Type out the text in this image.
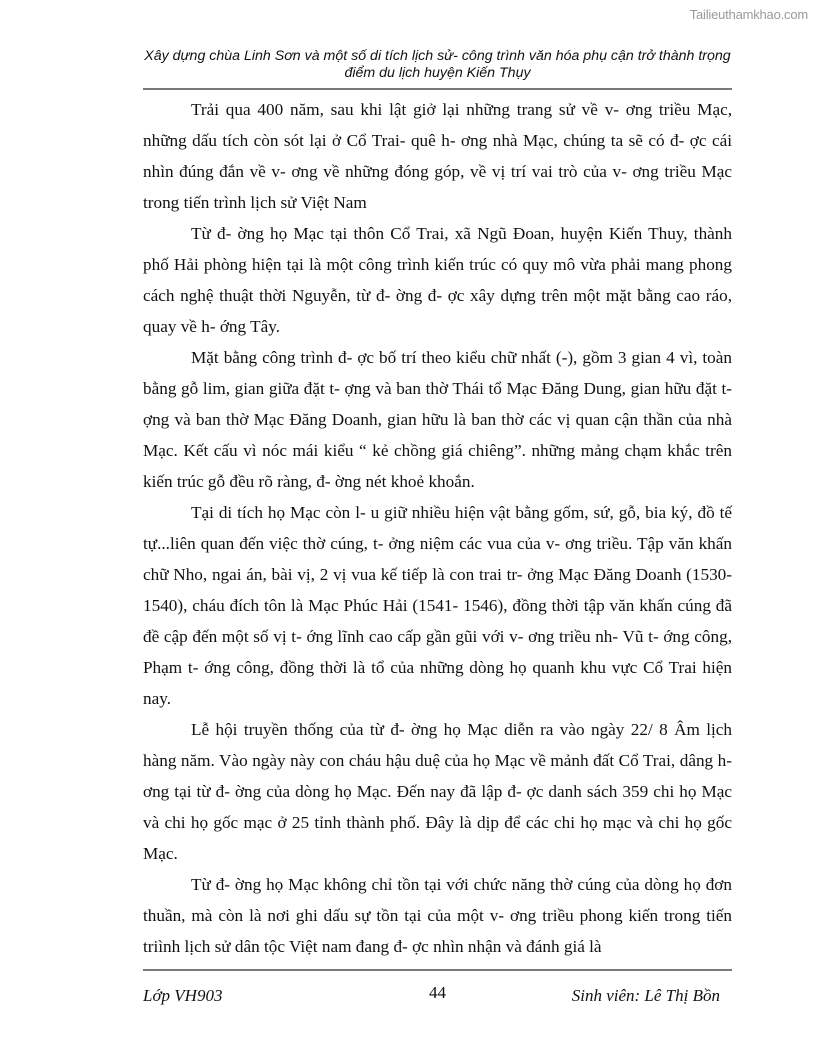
Tailieuthamkhao.com
Xây dựng chùa Linh Sơn và một số di tích lịch sử- công trình văn hóa phụ cận trở thành trọng điểm du lịch huyện Kiến Thụy

Trải qua 400 năm, sau khi lật giở lại những trang sử về v- ơng triều Mạc, những dấu tích còn sót lại ở Cổ Trai- quê h- ơng nhà Mạc, chúng ta sẽ có đ- ợc cái nhìn đúng đắn về v- ơng về những đóng góp, về vị trí vai trò của v- ơng triều Mạc trong tiến trình lịch sử Việt Nam

Từ đ- ờng họ Mạc tại thôn Cổ Trai, xã Ngũ Đoan, huyện Kiến Thuy, thành phố Hải phòng hiện tại là một công trình kiến trúc có quy mô vừa phải mang phong cách nghệ thuật thời Nguyễn, từ đ- ờng đ- ợc xây dựng trên một mặt bằng cao ráo, quay về h- ớng Tây.

Mặt bằng công trình đ- ợc bố trí theo kiểu chữ nhất (-), gồm 3 gian 4 vì, toàn bằng gỗ lim, gian giữa đặt t- ợng và ban thờ Thái tổ Mạc Đăng Dung, gian hữu đặt t- ợng và ban thờ Mạc Đăng Doanh, gian hữu là ban thờ các vị quan cận thần của nhà Mạc. Kết cấu vì nóc mái kiểu “ kẻ chồng giá chiêng”. những mảng chạm khắc trên kiến trúc gỗ đều rõ ràng, đ- ờng nét khoẻ khoắn.

Tại di tích họ Mạc còn l- u giữ nhiều hiện vật bằng gốm, sứ, gỗ, bia ký, đồ tế tự...liên quan đến việc thờ cúng, t- ởng niệm các vua của v- ơng triều. Tập văn khấn chữ Nho, ngai án, bài vị, 2 vị vua kế tiếp là con trai tr- ởng Mạc Đăng Doanh (1530- 1540), cháu đích tôn là Mạc Phúc Hải (1541- 1546), đồng thời tập văn khấn cúng đã đề cập đến một số vị t- ớng lĩnh cao cấp gần gũi với v- ơng triều nh- Vũ t- ớng công, Phạm t- ớng công, đồng thời là tổ của những dòng họ quanh khu vực Cổ Trai hiện nay.

Lễ hội truyền thống của từ đ- ờng họ Mạc diễn ra vào ngày 22/ 8 Âm lịch hàng năm. Vào ngày này con cháu hậu duệ của họ Mạc về mảnh đất Cổ Trai, dâng h- ơng tại từ đ- ờng của dòng họ Mạc. Đến nay đã lập đ- ợc danh sách 359 chi họ Mạc và chi họ gốc mạc ở 25 tỉnh thành phố. Đây là dịp để các chi họ mạc và chi họ gốc Mạc.

Từ đ- ờng họ Mạc không chỉ tồn tại với chức năng thờ cúng của dòng họ đơn thuần, mà còn là nơi ghi dấu sự tồn tại của một v- ơng triều phong kiến trong tiến triình lịch sử dân tộc Việt nam đang đ- ợc nhìn nhận và đánh giá là

Lớp VH903	44	Sinh viên: Lê Thị Bồn
